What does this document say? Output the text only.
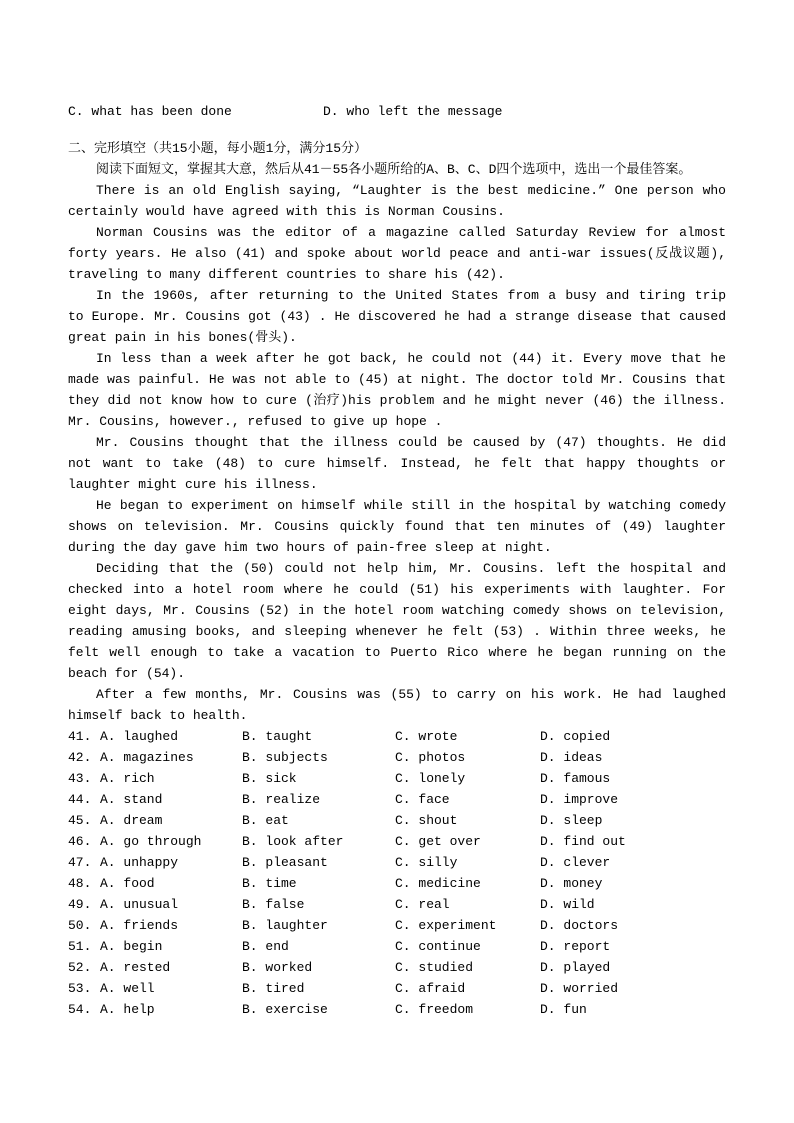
C. what has been done	D. who left the message
二、完形填空（共15小题，每小题1分，满分15分）

阅读下面短文，掌握其大意，然后从41－55各小题所给的A、B、C、D四个选项中，选出一个最佳答案。

There is an old English saying, “Laughter is the best medicine.” One person who certainly would have agreed with this is Norman Cousins.

Norman Cousins was the editor of a magazine called Saturday Review for almost forty years. He also (41) and spoke about world peace and anti-war issues(反战议题), traveling to many different countries to share his (42).

In the 1960s, after returning to the United States from a busy and tiring trip to Europe. Mr. Cousins got (43) . He discovered he had a strange disease that caused great pain in his bones(骨头).

In less than a week after he got back, he could not (44) it. Every move that he made was painful. He was not able to (45) at night. The doctor told Mr. Cousins that they did not know how to cure (治疗)his problem and he might never (46) the illness. Mr. Cousins, however., refused to give up hope .

Mr. Cousins thought that the illness could be caused by (47) thoughts. He did not want to take (48) to cure himself. Instead, he felt that happy thoughts or laughter might cure his illness.

He began to experiment on himself while still in the hospital by watching comedy shows on television. Mr. Cousins quickly found that ten minutes of (49) laughter during the day gave him two hours of pain-free sleep at night.

Deciding that the (50) could not help him, Mr. Cousins. left the hospital and checked into a hotel room where he could (51) his experiments with laughter. For eight days, Mr. Cousins (52) in the hotel room watching comedy shows on television, reading amusing books, and sleeping whenever he felt (53) . Within three weeks, he felt well enough to take a vacation to Puerto Rico where he began running on the beach for (54).

After a few months, Mr. Cousins was (55) to carry on his work. He had laughed himself back to health.

41. A. laughed	B. taught	C. wrote	D. copied
42. A. magazines	B. subjects	C. photos	D. ideas
43. A. rich	B. sick	C. lonely	D. famous
44. A. stand	B. realize	C. face	D. improve
45. A. dream	B. eat	C. shout	D. sleep
46. A. go through	B. look after	C. get over	D. find out
47. A. unhappy	B. pleasant	C. silly	D. clever
48. A. food	B. time	C. medicine	D. money
49. A. unusual	B. false	C. real	D. wild
50. A. friends	B. laughter	C. experiment	D. doctors
51. A. begin	B. end	C. continue	D. report
52. A. rested	B. worked	C. studied	D. played
53. A. well	B. tired	C. afraid	D. worried
54. A. help	B. exercise	C. freedom	D. fun
